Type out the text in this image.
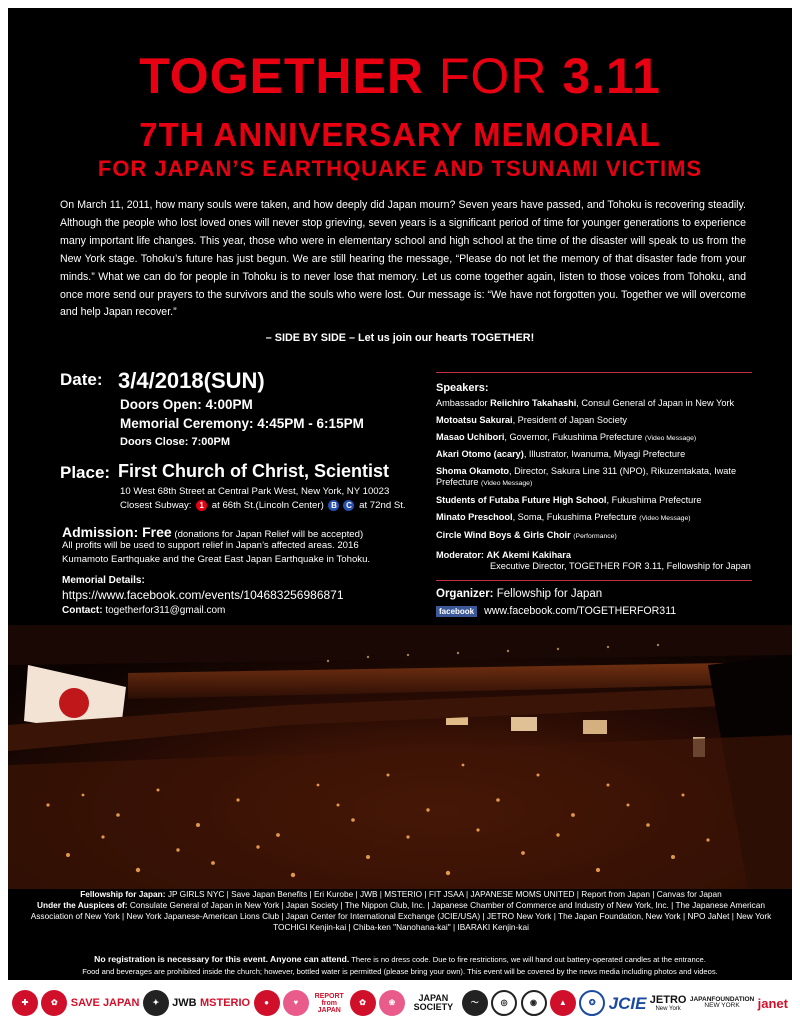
TOGETHER FOR 3.11
7TH ANNIVERSARY MEMORIAL
FOR JAPAN’S EARTHQUAKE AND TSUNAMI VICTIMS
On March 11, 2011, how many souls were taken, and how deeply did Japan mourn? Seven years have passed, and Tohoku is recovering steadily. Although the people who lost loved ones will never stop grieving, seven years is a significant period of time for younger generations to experience many important life changes. This year, those who were in elementary school and high school at the time of the disaster will speak to us from the New York stage. Tohoku’s future has just begun. We are still hearing the message, “Please do not let the memory of that disaster fade from your minds.” What we can do for people in Tohoku is to never lose that memory. Let us come together again, listen to those voices from Tohoku, and once more send our prayers to the survivors and the souls who were lost. Our message is: “We have not forgotten you. Together we will overcome and help Japan recover.”
– SIDE BY SIDE – Let us join our hearts TOGETHER!
Date: 3/4/2018(SUN)
Doors Open: 4:00PM
Memorial Ceremony: 4:45PM - 6:15PM
Doors Close: 7:00PM
Place: First Church of Christ, Scientist
10 West 68th Street at Central Park West, New York, NY 10023
Closest Subway: 1 at 66th St.(Lincoln Center) B C at 72nd St.
Admission: Free (donations for Japan Relief will be accepted)
All profits will be used to support relief in Japan’s affected areas. 2016 Kumamoto Earthquake and the Great East Japan Earthquake in Tohoku.
Memorial Details:
https://www.facebook.com/events/104683256986871
Contact: togetherfor311@gmail.com
Speakers:
Ambassador Reiichiro Takahashi, Consul General of Japan in New York
Motoatsu Sakurai, President of Japan Society
Masao Uchibori, Governor, Fukushima Prefecture (Video Message)
Akari Otomo (acary), Illustrator, Iwanuma, Miyagi Prefecture
Shoma Okamoto, Director, Sakura Line 311 (NPO), Rikuzentakata, Iwate Prefecture (Video Message)
Students of Futaba Future High School, Fukushima Prefecture
Minato Preschool, Soma, Fukushima Prefecture (Video Message)
Circle Wind Boys & Girls Choir (Performance)
Moderator: AK Akemi Kakihara
Executive Director, TOGETHER FOR 3.11, Fellowship for Japan
Organizer: Fellowship for Japan
facebook www.facebook.com/TOGETHERFOR311
Fellowship for Japan: JP GIRLS NYC | Save Japan Benefits | Eri Kurobe | JWB | MSTERIO | FIT JSAA | JAPANESE MOMS UNITED | Report from Japan | Canvas for Japan
Under the Auspices of: Consulate General of Japan in New York | Japan Society | The Nippon Club, Inc. | Japanese Chamber of Commerce and Industry of New York, Inc. | The Japanese American Association of New York | New York Japanese-American Lions Club | Japan Center for International Exchange (JCIE/USA) | JETRO New York | The Japan Foundation, New York | NPO JaNet | New York TOCHIGI Kenjin-kai | Chiba-ken "Nanohana-kai" | IBARAKI Kenjin-kai
No registration is necessary for this event. Anyone can attend. There is no dress code. Due to fire restrictions, we will hand out battery-operated candles at the entrance.
Food and beverages are prohibited inside the church; however, bottled water is permitted (please bring your own). This event will be covered by the news media including photos and videos.
✚	✿	SAVE JAPAN	✦	JWB MSTERIO	●	♥
REPORT from JAPAN
✿	❀	JAPAN SOCIETY	〜	◎	◉	▲	✪ JCIE JETRO
New York
JAPANFOUNDATION
NEW YORK janet
